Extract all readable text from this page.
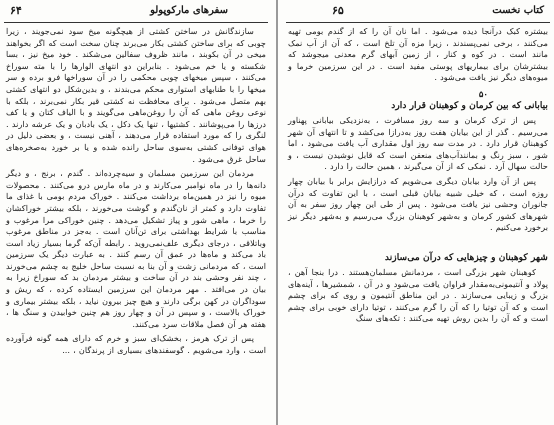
سفرهای مارکوپولو
۶۴

سازندگانش در ساختن کشتی از هیچگونه میخ سود نمی‌جویند ، زیرا چوبی که برای ساختن کشتی بکار می‌برند چنان سخت است که اگر بخواهند میخی در آن بکوبند ، مانند ظروف سفالین می‌شکند . خود میخ نیز ، بسا شکسته و یا خم می‌شود . بنابراین دو انتهای الوارها را با مته سوراخ می‌کنند ، سپس میخهای چوبی محکمی را در آن سوراخها فرو برده و سر میخها را با طنابهای استواری محکم می‌بندند ، و بدین‌شکل دو انتهای کشتی بهم متصل می‌شود . برای محافظت نه کشتی قیر بکار نمی‌برند ، بلکه با نوعی روغن ماهی که آن را روغن‌ماهی می‌گویند و با الیاف کتان و یا کف درزها را می‌پوشانند . کشتیها ، تنها یک دکل ، یک بادبان و یک عرشه دارند . لنگری را که مورد استفاده قرار می‌دهند ، آهنی نیست ، و بعضی دلیل در هوای توفانی کشتی به‌سوی ساحل رانده شده و یا بر خورد به‌صخره‌های ساحل غرق می‌شود .

مردمان این سرزمین مسلمان و سیه‌چرده‌اند . گندم ، برنج ، و دیگر دانه‌ها را در ماه نوامبر می‌کارند و در ماه مارس درو می‌کنند . محصولات میوه را نیز در همین‌ماه برداشت می‌کنند . خوراک مردم بومی با غذای ما تفاوت دارد و کمتر از نان‌گندم و گوشت می‌خورند ، بلکه بیشتر خوراکشان را خرما ، ماهی شور و پیاز تشکیل می‌دهد . چنین خوراکی مرا مرغوب و مناسب با شرایط بهداشتی برای تن‌آنان است . به‌جز در مناطق مرغوب وباتلاقی ، درجای دیگری علف‌نمی‌روید . رابطه آن‌که گرما بسیار زیاد است باد می‌کند و ماه‌ها در عمق آن رسم کنند . به عبارت دیگر یک سرزمین است ، که مردمانی زشت و آن بنا به نسبت ساحل خلیج به چشم می‌خورند ، چند نفر وحشی بند در آن ساخت و بیشتر مردمان بد که سوراخ زیرا به بیان در می‌افتد . مهر مردمان این سرزمین ایستاده کرده ، که ریش و سوداگران در کهن برگی دارند و هیچ چیز بیرون نیاید ، بلکه بیشتر بیماری و خوراک بالاست ، و سپس در آن و چهار روز هم چنین خوابیدن و سنگ ها ، هفته هر آن فصل ملاقات سرد می‌کنند.

پس از ترک هرمز ، بخشک‌ای سبز و خرم که دارای همه گونه فرآورده است ، وارد می‌شویم . گوسفندهای بسیاری از پرندگان ، ...

کتاب نخست
۶۵

بیشتره کبک درآنجا دیده می‌شود . اما نان آن را که از گندم بومی تهیه می‌کنند ، برخی نمی‌پسندند ، زیرا مزه آن تلخ است ، که آن از آب نمک مانند است . در کوه و کنار ، از زمین آبهای گرم معدنی میجوشد که بیشترشان برای بیماریهای پوستی مفید است . در این سرزمین خرما و میوه‌های دیگر نیز یافت می‌شود .

۵۰
بیابانی که بین کرمان و کوهبنان قرار دارد

پس از ترک کرمان و سه روز مسافرت ، به‌نزدیکی بیابانی پهناور می‌رسیم . گذر از این بیابان هفت روز به‌درازا می‌کشد و تا انتهای آن شهر کوهبنان قرار دارد . در مدت سه روز اول مقداری آب یافت می‌شود ، اما شور ، سبز رنگ و بمانند‌آب‌های منعفن است که قابل نوشیدن نیست ، و حالت سهال آرد . نمکی که از آن می‌گیرند ، همین حالت را دارد .

پس از آن وارد بیابان دیگری می‌شویم که درازایش برابر با بیابان چهار روزه است ، که خیلی شبیه بیابان قبلی است ، با این تفاوت که درآن جانوران وحشی نیز یافت می‌شود . پس از طی این چهار روز سفر به آن شهرهای کشور کرمان و به‌شهر کوهبنان بزرگ می‌رسیم و به‌شهر دیگر نیز برخورد می‌کنیم .

شهر کوهبنان و چیزهایی که درآن می‌سازند

کوهبنان شهر بزرگی است ، مردمانش مسلمان‌هستند . درا بنجا آهن ، پولاد و آنتیمونی‌به‌مقدار فراوان یافت می‌شود و در آن ، شمشیرها ، آینه‌های بزرگ و زیبایی می‌سازند . در این مناطق آنتیمون و روی که برای چشم است و که آن توتیا را که آن را گرم می‌کنند ، توتیا دارای خوبی برای چشم است و که آن را بدین روش تهیه می‌کنند : تکه‌های سنگ
